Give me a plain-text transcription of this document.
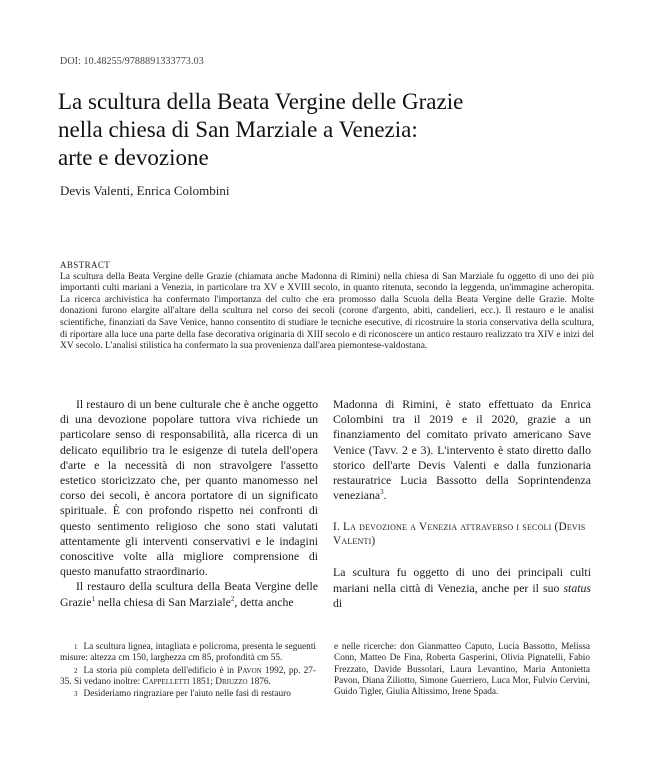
DOI: 10.48255/9788891333773.03
La scultura della Beata Vergine delle Grazie
nella chiesa di San Marziale a Venezia:
arte e devozione
Devis Valenti, Enrica Colombini
ABSTRACT
La scultura della Beata Vergine delle Grazie (chiamata anche Madonna di Rimini) nella chiesa di San Marziale fu oggetto di uno dei più importanti culti mariani a Venezia, in particolare tra XV e XVIII secolo, in quanto ritenuta, secondo la leggenda, un'immagine acheropita. La ricerca archivistica ha confermato l'importanza del culto che era promosso dalla Scuola della Beata Vergine delle Grazie. Molte donazioni furono elargite all'altare della scultura nel corso dei secoli (corone d'argento, abiti, candelieri, ecc.). Il restauro e le analisi scientifiche, finanziati da Save Venice, hanno consentito di studiare le tecniche esecutive, di ricostruire la storia conservativa della scultura, di riportare alla luce una parte della fase decorativa originaria di XIII secolo e di riconoscere un antico restauro realizzato tra XIV e inizi del XV secolo. L'analisi stilistica ha confermato la sua provenienza dall'area piemontese-valdostana.

Il restauro di un bene culturale che è anche oggetto di una devozione popolare tuttora viva richiede un particolare senso di responsabilità, alla ricerca di un delicato equilibrio tra le esigenze di tutela dell'opera d'arte e la necessità di non stravolgere l'assetto estetico storicizzato che, per quanto manomesso nel corso dei secoli, è ancora portatore di un significato spirituale. È con profondo rispetto nei confronti di questo sentimento religioso che sono stati valutati attentamente gli interventi conservativi e le indagini conoscitive volte alla migliore comprensione di questo manufatto straordinario.

Il restauro della scultura della Beata Vergine delle Grazie$^1$ nella chiesa di San Marziale$^2$, detta anche

Madonna di Rimini, è stato effettuato da Enrica Colombini tra il 2019 e il 2020, grazie a un finanziamento del comitato privato americano Save Venice (Tavv. 2 e 3). L'intervento è stato diretto dallo storico dell'arte Devis Valenti e dalla funzionaria restauratrice Lucia Bassotto della Soprintendenza veneziana$^3$.

I. La devozione a Venezia attraverso i secoli (Devis Valenti)

La scultura fu oggetto di uno dei principali culti mariani nella città di Venezia, anche per il suo status di

$^1$ La scultura lignea, intagliata e policroma, presenta le seguenti misure: altezza cm 150, larghezza cm 85, profondità cm 55.

$^2$ La storia più completa dell'edificio è in Pavon 1992, pp. 27-35. Si vedano inoltre: Cappelletti 1851; Driuzzo 1876.

$^3$ Desideriamo ringraziare per l'aiuto nelle fasi di restauro

e nelle ricerche: don Gianmatteo Caputo, Lucia Bassotto, Melissa Conn, Matteo De Fina, Roberta Gasperini, Olivia Pignatelli, Fabio Frezzato, Davide Bussolari, Laura Levantino, Maria Antonietta Pavon, Diana Ziliotto, Simone Guerriero, Luca Mor, Fulvio Cervini, Guido Tigler, Giulia Altissimo, Irene Spada.
